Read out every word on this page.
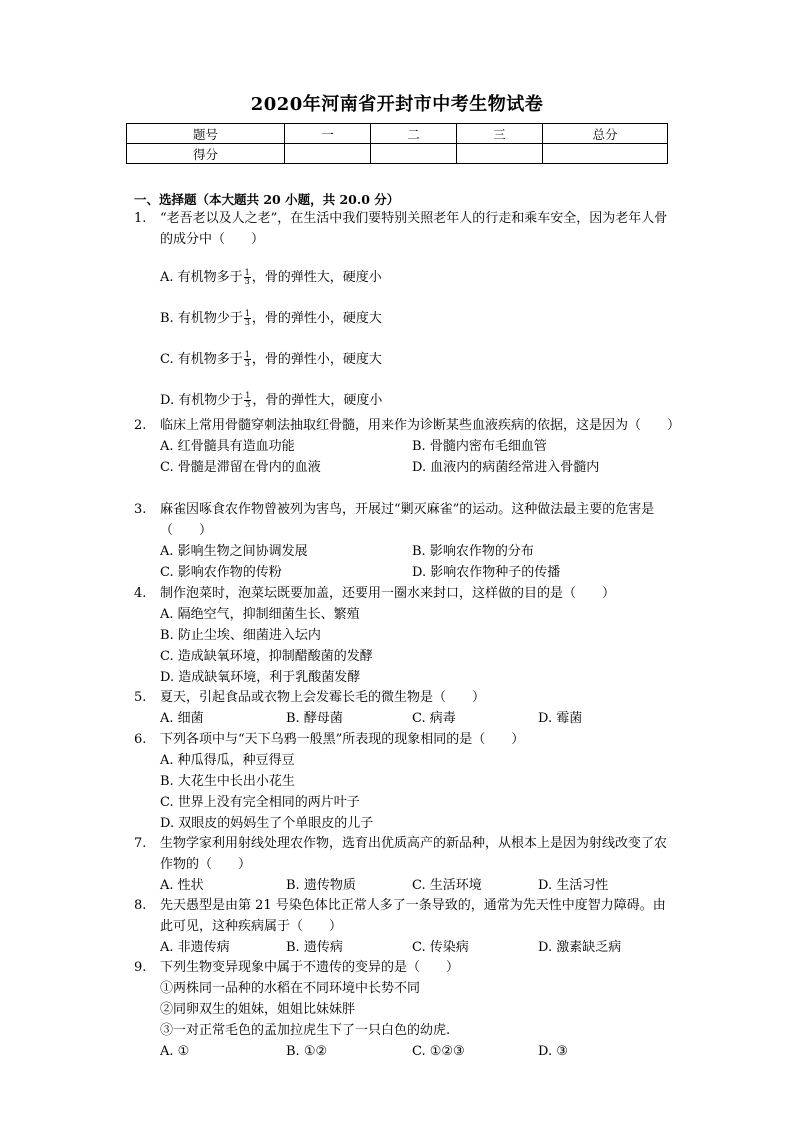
2020年河南省开封市中考生物试卷
题号	一	二	三	总分
得分				
一、选择题（本大题共 20 小题，共 20.0 分）
1.	“老吾老以及人之老”，在生活中我们要特别关照老年人的行走和乘车安全，因为老年人骨的成分中（　　）
A. 有机物多于 $\frac{1}{3}$ ，骨的弹性大，硬度小
B. 有机物少于 $\frac{1}{3}$ ，骨的弹性小，硬度大
C. 有机物多于 $\frac{1}{3}$ ，骨的弹性小，硬度大
D. 有机物少于 $\frac{1}{3}$ ，骨的弹性大，硬度小
2.	临床上常用骨髓穿刺法抽取红骨髓，用来作为诊断某些血液疾病的依据，这是因为（　　）
A. 红骨髓具有造血功能	B. 骨髓内密布毛细血管
C. 骨髓是滞留在骨内的血液	D. 血液内的病菌经常进入骨髓内
3.	麻雀因啄食农作物曾被列为害鸟，开展过“剿灭麻雀”的运动。这种做法最主要的危害是（　　）
A. 影响生物之间协调发展	B. 影响农作物的分布
C. 影响农作物的传粉	D. 影响农作物种子的传播
4.	制作泡菜时，泡菜坛既要加盖，还要用一圈水来封口，这样做的目的是（　　）
A. 隔绝空气，抑制细菌生长、繁殖
B. 防止尘埃、细菌进入坛内
C. 造成缺氧环境，抑制醋酸菌的发酵
D. 造成缺氧环境，利于乳酸菌发酵
5.	夏天，引起食品或衣物上会发霉长毛的微生物是（　　）
A. 细菌	B. 酵母菌	C. 病毒	D. 霉菌
6.	下列各项中与“天下乌鸦一般黑”所表现的现象相同的是（　　）
A. 种瓜得瓜，种豆得豆
B. 大花生中长出小花生
C. 世界上没有完全相同的两片叶子
D. 双眼皮的妈妈生了个单眼皮的儿子
7.	生物学家利用射线处理农作物，选育出优质高产的新品种，从根本上是因为射线改变了农作物的（　　）
A. 性状	B. 遗传物质	C. 生活环境	D. 生活习性
8.	先天愚型是由第 21 号染色体比正常人多了一条导致的，通常为先天性中度智力障碍。由此可见，这种疾病属于（　　）
A. 非遗传病	B. 遗传病	C. 传染病	D. 激素缺乏病
9.	下列生物变异现象中属于不遗传的变异的是（　　）
①两株同一品种的水稻在不同环境中长势不同
②同卵双生的姐妹，姐姐比妹妹胖
③一对正常毛色的孟加拉虎生下了一只白色的幼虎.
A. ①	B. ①②	C. ①②③	D. ③
